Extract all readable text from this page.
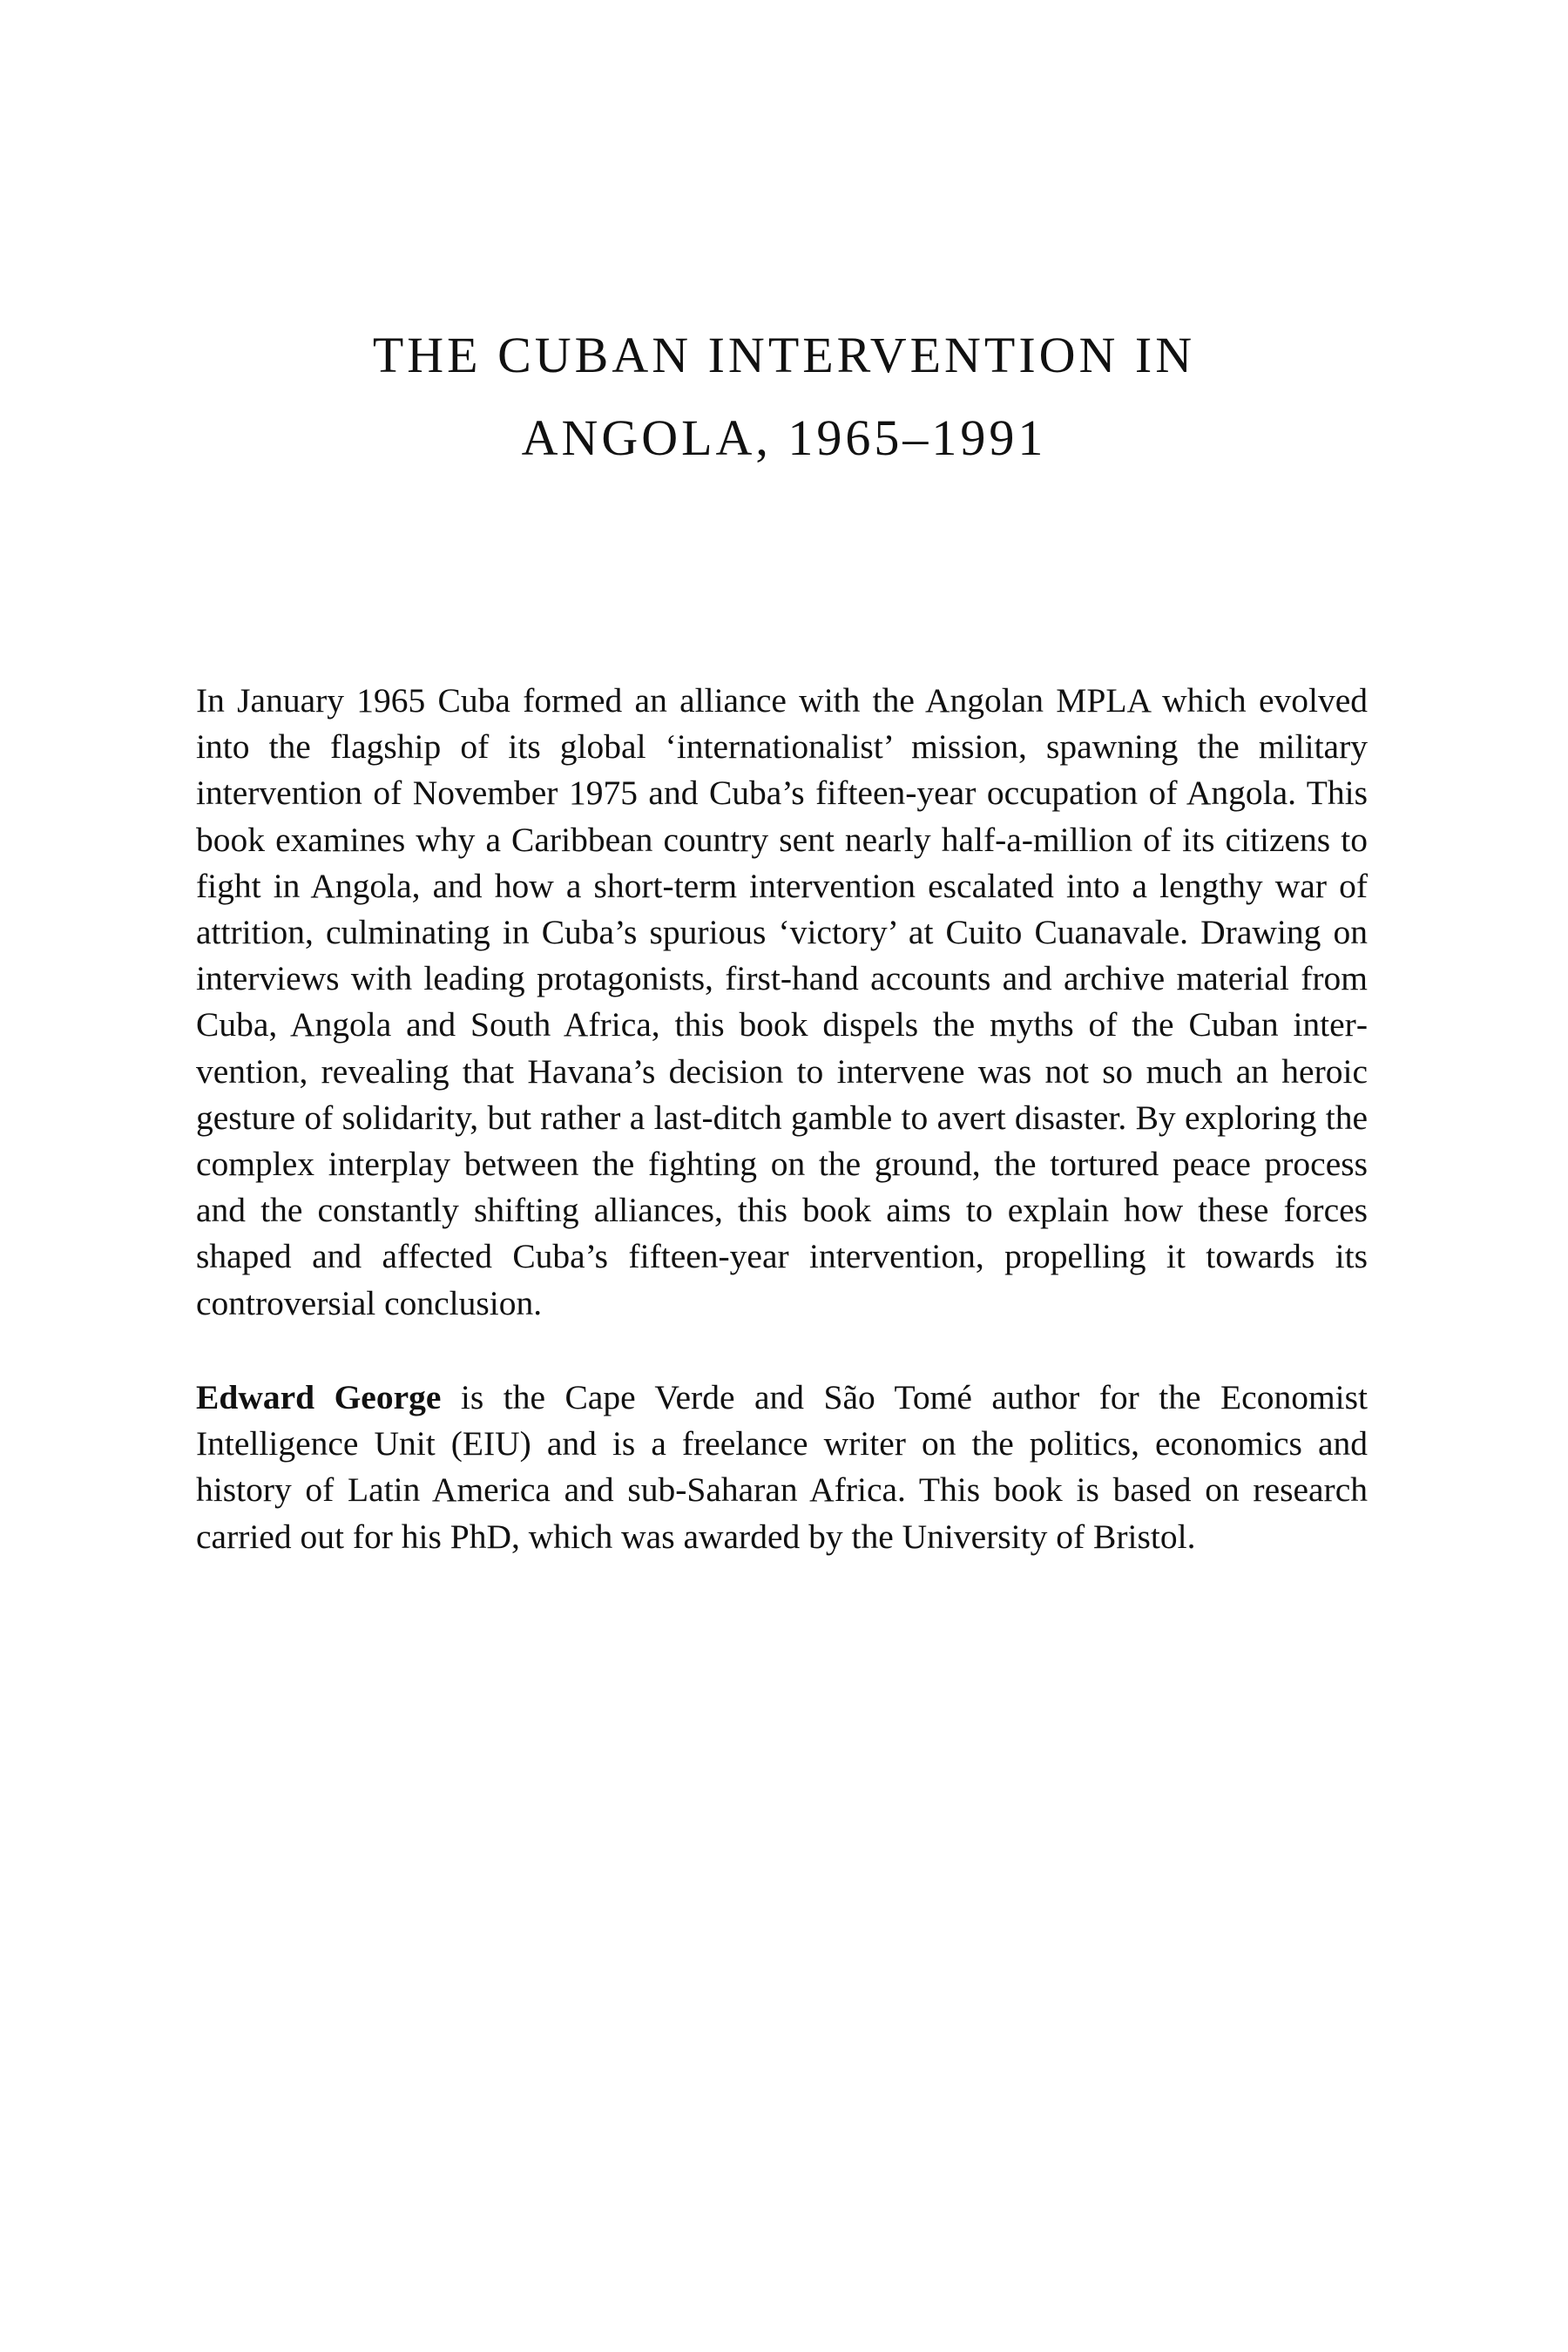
THE CUBAN INTERVENTION IN

ANGOLA, 1965–1991

In January 1965 Cuba formed an alliance with the Angolan MPLA which evolved into the flagship of its global ‘internationalist’ mission, spawning the military intervention of November 1975 and Cuba’s fifteen-year occupation of Angola. This book examines why a Caribbean country sent nearly half-a-million of its citizens to fight in Angola, and how a short-term intervention escalated into a lengthy war of attrition, culminating in Cuba’s spurious ‘victory’ at Cuito Cuanavale. Drawing on interviews with leading protagonists, first-hand accounts and archive material from Cuba, Angola and South Africa, this book dispels the myths of the Cuban intervention, revealing that Havana’s decision to intervene was not so much an heroic gesture of solidarity, but rather a last-ditch gamble to avert disaster. By exploring the complex interplay between the fighting on the ground, the tortured peace process and the constantly shifting alliances, this book aims to explain how these forces shaped and affected Cuba’s fifteen-year intervention, propelling it towards its controversial conclusion.

Edward George is the Cape Verde and São Tomé author for the Economist Intelligence Unit (EIU) and is a freelance writer on the politics, economics and history of Latin America and sub-Saharan Africa. This book is based on research carried out for his PhD, which was awarded by the University of Bristol.
